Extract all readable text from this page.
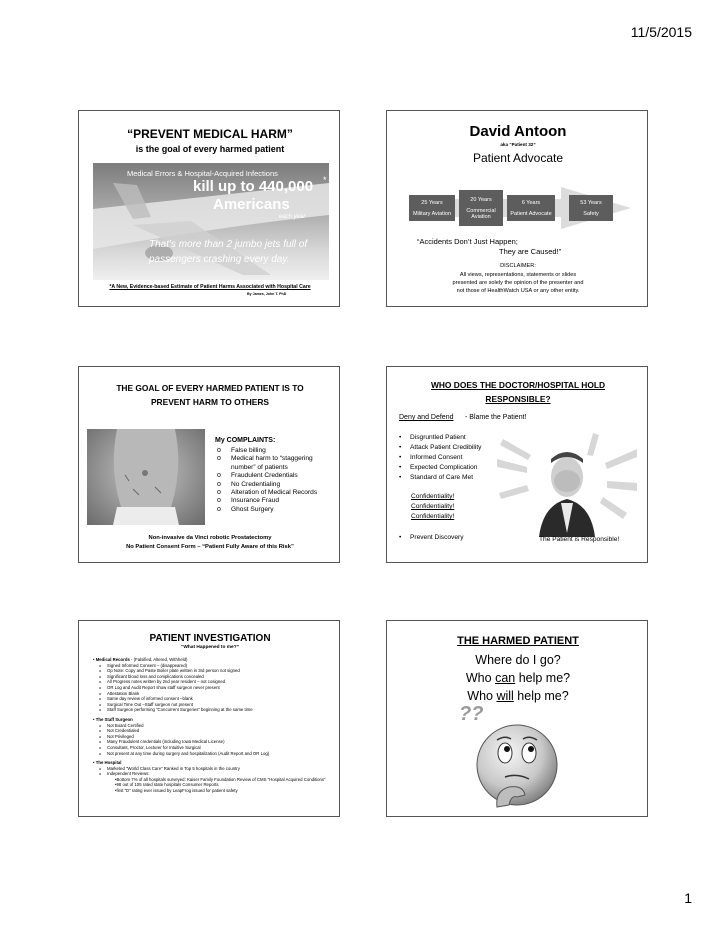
11/5/2015
“PREVENT MEDICAL HARM”
is the goal of every harmed patient
Medical Errors & Hospital-Acquired Infections
kill up to 440,000
Americans
each year
*
That's more than 2 jumbo jets full of
passengers crashing every day.
*A New, Evidence-based Estimate of Patient Harms Associated with Hospital Care
By James, John T. PhD
David Antoon
aka “Patient 32”
Patient Advocate
25 Years
Military Aviation
20 Years
Commercial Aviation
6 Years
Patient Advocate
53 Years
Safety
“Accidents Don’t Just Happen;
They are Caused!”
DISCLAIMER:
All views, representations, statements or slides
presented are solely the opinion of the presenter and
not those of HealthWatch USA or any other entity.
THE GOAL OF EVERY HARMED PATIENT IS TO
PREVENT HARM TO OTHERS
My COMPLAINTS:
o False billing
o Medical harm to “staggering number” of patients
o Fraudulent Credentials
o No Credentialing
o Alteration of Medical Records
o Insurance Fraud
o Ghost Surgery
Non-invasive da Vinci robotic Prostatectomy
No Patient Consent Form – “Patient Fully Aware of this Risk”
WHO DOES THE DOCTOR/HOSPITAL HOLD
RESPONSIBLE?
Deny and Defend - Blame the Patient!
• Disgruntled Patient
• Attack Patient Credibility
• Informed Consent
• Expected Complication
• Standard of Care Met
Confidentiality!
Confidentiality!
Confidentiality!
• Prevent Discovery	The Patient is Responsible!
PATIENT INVESTIGATION
“What Happened to me?”
• Medical Records - (Falsified, Altered, Withheld)
o Signed Informed Consent – (disappeared)
o Op Note: Copy and Paste Boiler plate written in 3rd person not signed
o Significant blood loss and complications concealed
o All Progress notes written by 2nd year resident – not cosigned
o OR Log and Audit Report show staff surgeon never present
o Attestation Blank
o Same day review of informed consent –blank
o Surgical Time Out –Staff surgeon not present
o Staff Surgeon performing “Concurrent Surgeries” beginning at the same time
• The Staff Surgeon
o Not Board Certified
o Not Credentialed
o Not Privileged
o Many Fraudulent credentials (including Iowa Medical License)
o Consultant, Proctor, Lecturer for Intuitive Surgical
o Not present at any time during surgery and hospitalization (Audit Report and OR Log)
• The Hospital
o Marketed “World Class Care” Ranked in Top 5 hospitals in the country
o Independent Reviews:
•Bottom 7% of all hospitals surveyed: Kaiser Family Foundation Review of CMS “Hospital Acquired Conditions”
•98 out of 105 rated state hospitals Consumer Reports
•first “D” rating ever issued by LeapFrog issued for patient safety
THE HARMED PATIENT
Where do I go?
Who can help me?
Who will help me?
??
1
